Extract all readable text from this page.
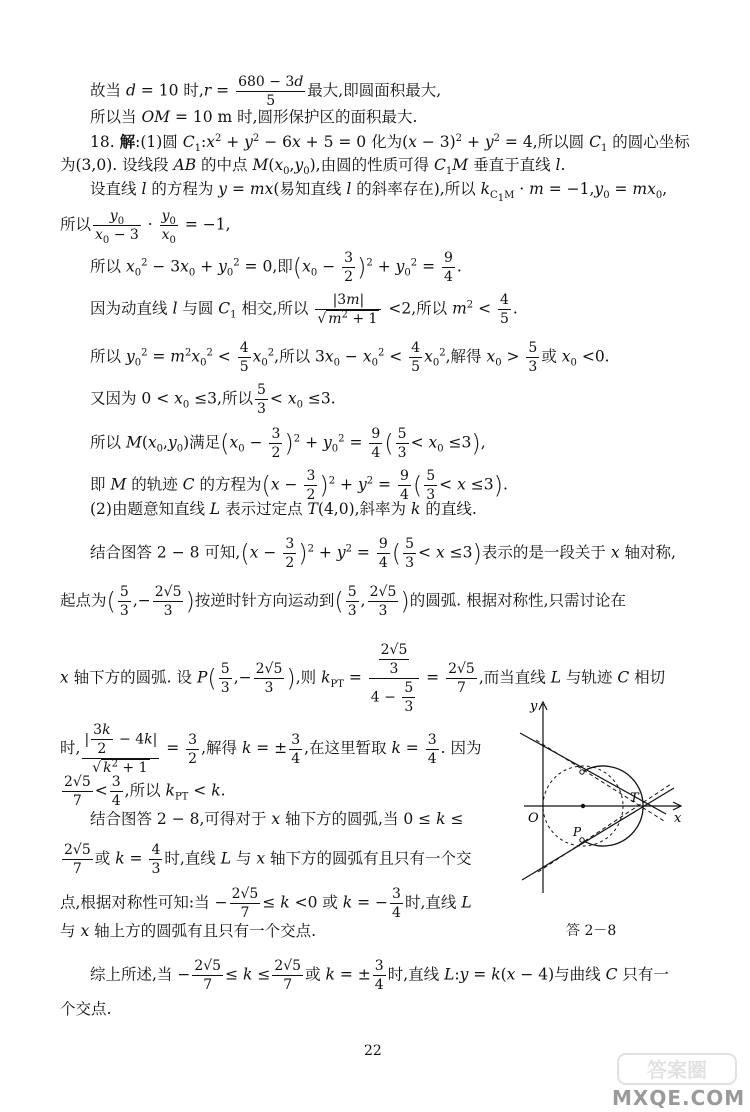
故当 d = 10 时$,r = \frac{680 - 3d}{5}$ 最大,即圆面积最大,
所以当 OM = 10 m 时,圆形保护区的面积最大.
18. 解:(1)圆 $C_1:x^2 + y^2 - 6x + 5 = 0$ 化为$(x - 3)^2 + y^2 = 4$,所以圆 $C_1$ 的圆心坐标
为(3,0). 设线段 AB 的中点 $M(x_0,y_0)$,由圆的性质可得 $C_1M$ 垂直于直线 l.
设直线 l 的方程为 y = mx(易知直线 l 的斜率存在),所以 $k_{C_1M} \cdot m = -1,y_0 = mx_0$,
所以 $\frac{y_0}{x_0 - 3} \cdot \frac{y_0}{x_0} = -1$,
所以 $x_0^2 - 3x_0 + y_0^2 = 0$,即$(x_0 - \frac{3}{2} )^2 + y_0^2 = \frac{9}{4}$ .
因为动直线 l 与圆 $C_1$ 相交,所以 $\frac{|3m|}{√ m^2 + 1} <2$,所以 $m^2 < \frac{4}{5}$ .
所以 $y_0^2 = m^2x_0^2 < \frac{4}{5} x_0^2$,所以 $3x_0 - x_0^2 < \frac{4}{5} x_0^2$,解得 $x_0 > \frac{5}{3}$ 或 $x_0 <0$.
又因为 $0 < x_0 \le 3$,所以 $\frac{5}{3} < x_0 \le 3$.
所以 $M(x_0,y_0)$满足$(x_0 - \frac{3}{2} )^2 + y_0^2 = \frac{9}{4}$ ( $\frac{5}{3} < x_0 \le 3$),
即 M 的轨迹 C 的方程为$(x - \frac{3}{2} )^2 + y^2 = \frac{9}{4}$ ( $\frac{5}{3} < x \le 3$).
(2)由题意知直线 L 表示过定点 T(4,0),斜率为 k 的直线.
结合图答 2 − 8 可知$,(x - \frac{3}{2} )^2 + y^2 = \frac{9}{4}$ ( $\frac{5}{3} < x \le 3$)表示的是一段关于 x 轴对称,
起点为( $\frac{5}{3}$ ,− $\frac{2√5}{3}$ )按逆时针方向运动到( $\frac{5}{3}$ , $\frac{2√5}{3}$ )的圆弧. 根据对称性,只需讨论在
x 轴下方的圆弧. 设 $P( \frac{5}{3}$ ,− $\frac{2√5}{3}$ ),则 $k_{PT} = \frac{\frac{2√5}{3}}{4 - \frac{5}{3}} = \frac{2√5}{7}$ ,而当直线 L 与轨迹 C 相切
时, $\frac{| \frac{3k}{2} - 4k|}{√ k^2 + 1} = \frac{3}{2}$ ,解得 k = ± $\frac{3}{4}$ ,在这里暂取 $k = \frac{3}{4}$ . 因为
$\frac{2√5}{7} < \frac{3}{4}$ ,所以 $k_{PT} < k$.
结合图答 2 − 8,可得对于 x 轴下方的圆弧,当 0 ≤ k ≤
$\frac{2√5}{7}$ 或 $k = \frac{4}{3}$ 时,直线 L 与 x 轴下方的圆弧有且只有一个交
点,根据对称性可知:当 − $\frac{2√5}{7} \le k <0$ 或 k = − $\frac{3}{4}$ 时,直线 L
与 x 轴上方的圆弧有且只有一个交点.
综上所述,当 − $\frac{2√5}{7} \le k \le \frac{2√5}{7}$ 或 k = ± $\frac{3}{4}$ 时,直线 L:y = k(x − 4)与曲线 C 只有一
个交点.
y
x
O
T
P
答 2－8
22
答案圈
MXQE.COM
